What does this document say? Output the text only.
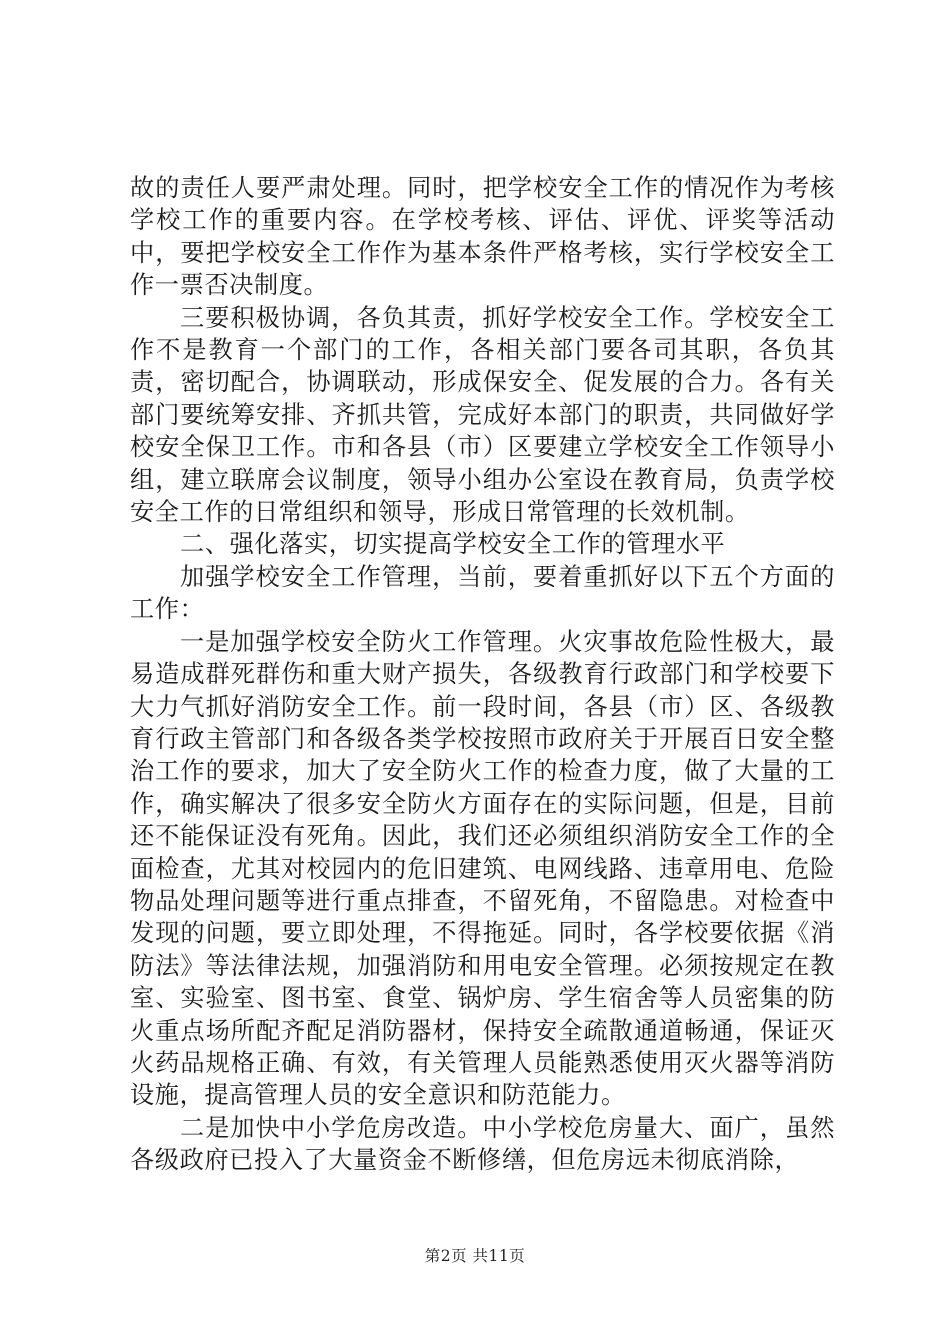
故的责任人要严肃处理。同时，把学校安全工作的情况作为考核学校工作的重要内容。在学校考核、评估、评优、评奖等活动中，要把学校安全工作作为基本条件严格考核，实行学校安全工作一票否决制度。

三要积极协调，各负其责，抓好学校安全工作。学校安全工作不是教育一个部门的工作，各相关部门要各司其职，各负其责，密切配合，协调联动，形成保安全、促发展的合力。各有关部门要统筹安排、齐抓共管，完成好本部门的职责，共同做好学校安全保卫工作。市和各县（市）区要建立学校安全工作领导小组，建立联席会议制度，领导小组办公室设在教育局，负责学校安全工作的日常组织和领导，形成日常管理的长效机制。

二、强化落实，切实提高学校安全工作的管理水平

加强学校安全工作管理，当前，要着重抓好以下五个方面的工作：

一是加强学校安全防火工作管理。火灾事故危险性极大，最易造成群死群伤和重大财产损失，各级教育行政部门和学校要下大力气抓好消防安全工作。前一段时间，各县（市）区、各级教育行政主管部门和各级各类学校按照市政府关于开展百日安全整治工作的要求，加大了安全防火工作的检查力度，做了大量的工作，确实解决了很多安全防火方面存在的实际问题，但是，目前还不能保证没有死角。因此，我们还必须组织消防安全工作的全面检查，尤其对校园内的危旧建筑、电网线路、违章用电、危险物品处理问题等进行重点排查，不留死角，不留隐患。对检查中发现的问题，要立即处理，不得拖延。同时，各学校要依据《消防法》等法律法规，加强消防和用电安全管理。必须按规定在教室、实验室、图书室、食堂、锅炉房、学生宿舍等人员密集的防火重点场所配齐配足消防器材，保持安全疏散通道畅通，保证灭火药品规格正确、有效，有关管理人员能熟悉使用灭火器等消防设施，提高管理人员的安全意识和防范能力。

二是加快中小学危房改造。中小学校危房量大、面广，虽然各级政府已投入了大量资金不断修缮，但危房远未彻底消除，

第2页 共11页
